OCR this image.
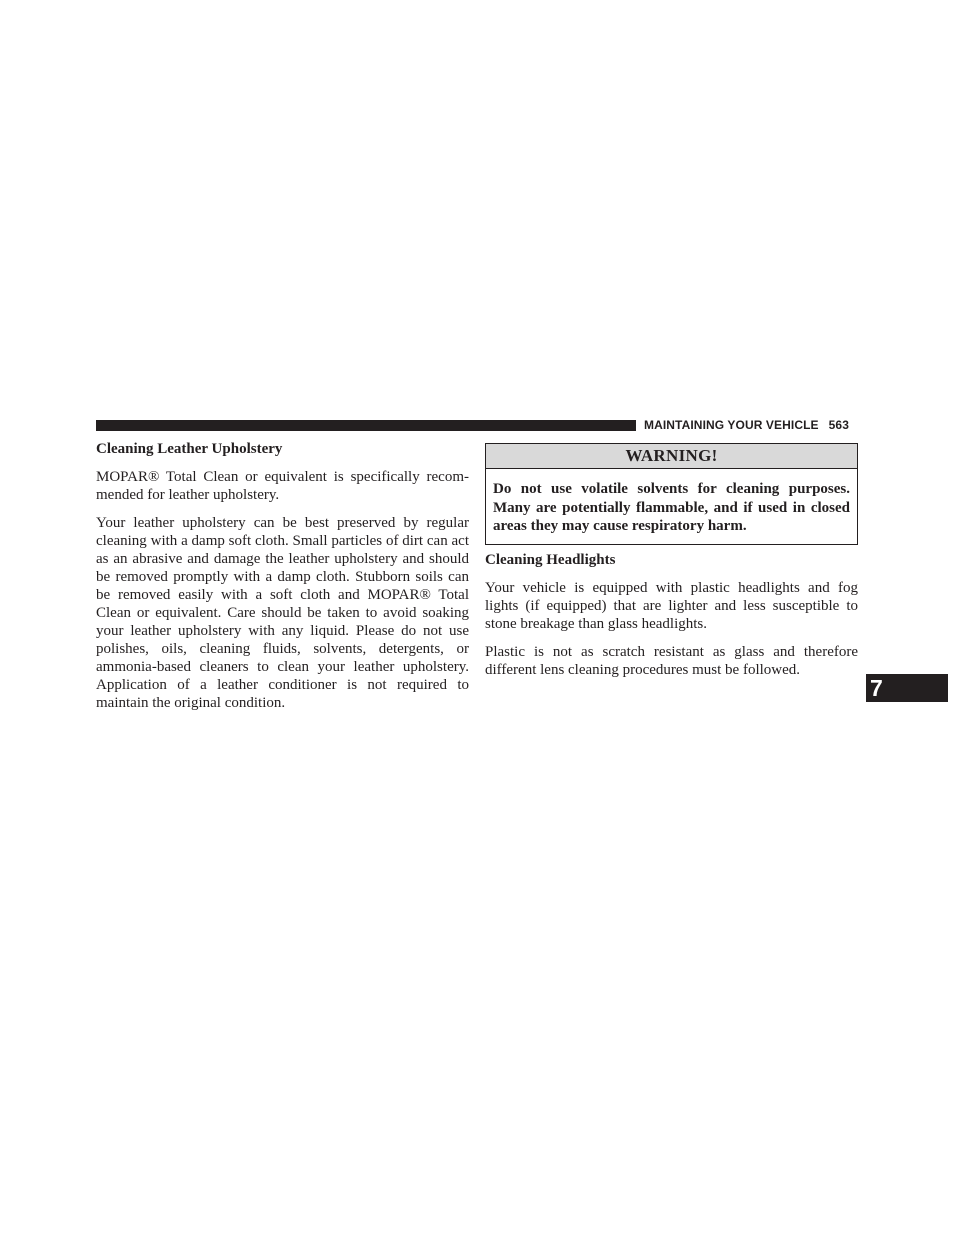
MAINTAINING YOUR VEHICLE 563
Cleaning Leather Upholstery

MOPAR® Total Clean or equivalent is specifically recommended for leather upholstery.

Your leather upholstery can be best preserved by regular cleaning with a damp soft cloth. Small particles of dirt can act as an abrasive and damage the leather upholstery and should be removed promptly with a damp cloth. Stubborn soils can be removed easily with a soft cloth and MOPAR® Total Clean or equivalent. Care should be taken to avoid soaking your leather upholstery with any liquid. Please do not use polishes, oils, cleaning fluids, solvents, detergents, or ammonia-based cleaners to clean your leather upholstery. Application of a leather conditioner is not required to maintain the original condition.

WARNING!
Do not use volatile solvents for cleaning purposes. Many are potentially flammable, and if used in closed areas they may cause respiratory harm.
Cleaning Headlights

Your vehicle is equipped with plastic headlights and fog lights (if equipped) that are lighter and less susceptible to stone breakage than glass headlights.

Plastic is not as scratch resistant as glass and therefore different lens cleaning procedures must be followed.

7
